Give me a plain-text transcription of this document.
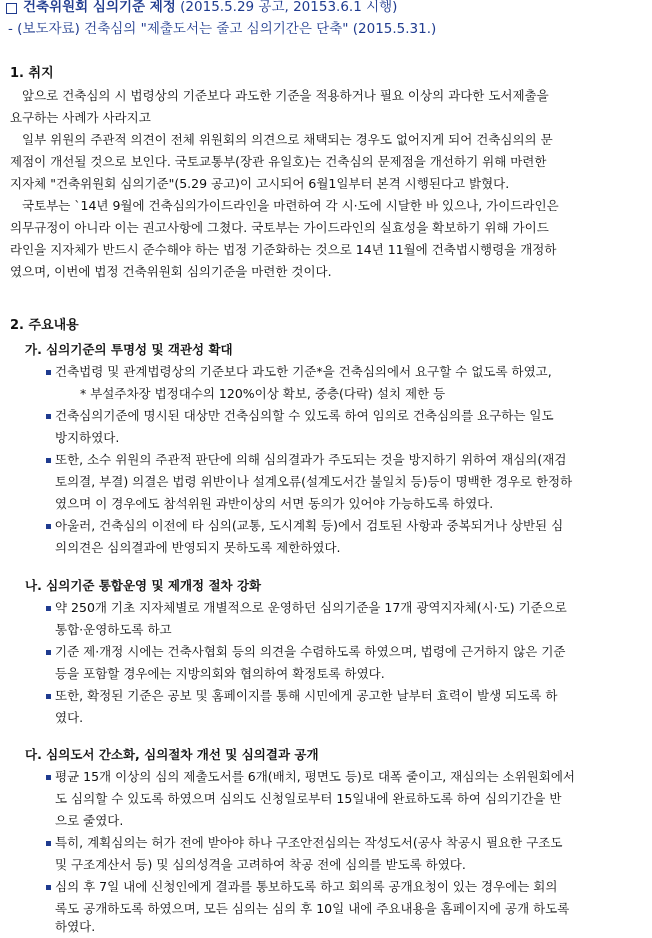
건축위원회 심의기준 제정 (2015.5.29 공고, 20153.6.1 시행)
- (보도자료) 건축심의 "제출도서는 줄고 심의기간은 단축" (2015.5.31.)
1. 취지
앞으로 건축심의 시 법령상의 기준보다 과도한 기준을 적용하거나 필요 이상의 과다한 도서제출을
요구하는 사례가 사라지고
일부 위원의 주관적 의견이 전체 위원회의 의견으로 채택되는 경우도 없어지게 되어 건축심의의 문
제점이 개선될 것으로 보인다. 국토교통부(장관 유일호)는 건축심의 문제점을 개선하기 위해 마련한
지자체 "건축위원회 심의기준"(5.29 공고)이 고시되어 6월1일부터 본격 시행된다고 밝혔다.
국토부는 `14년 9월에 건축심의가이드라인을 마련하여 각 시·도에 시달한 바 있으나, 가이드라인은
의무규정이 아니라 이는 권고사항에 그쳤다. 국토부는 가이드라인의 실효성을 확보하기 위해 가이드
라인을 지자체가 반드시 준수해야 하는 법정 기준화하는 것으로 14년 11월에 건축법시행령을 개정하
였으며, 이번에 법정 건축위원회 심의기준을 마련한 것이다.
2. 주요내용
가. 심의기준의 투명성 및 객관성 확대
건축법령 및 관계법령상의 기준보다 과도한 기준*을 건축심의에서 요구할 수 없도록 하였고,
* 부설주차장 법정대수의 120%이상 확보, 중층(다락) 설치 제한 등
건축심의기준에 명시된 대상만 건축심의할 수 있도록 하여 임의로 건축심의를 요구하는 일도
방지하였다.
또한, 소수 위원의 주관적 판단에 의해 심의결과가 주도되는 것을 방지하기 위하여 재심의(재검
토의결, 부결) 의결은 법령 위반이나 설계오류(설계도서간 불일치 등)등이 명백한 경우로 한정하
였으며 이 경우에도 참석위원 과반이상의 서면 동의가 있어야 가능하도록 하였다.
아울러, 건축심의 이전에 타 심의(교통, 도시계획 등)에서 검토된 사항과 중복되거나 상반된 심
의의견은 심의결과에 반영되지 못하도록 제한하였다.
나. 심의기준 통합운영 및 제개정 절차 강화
약 250개 기초 지자체별로 개별적으로 운영하던 심의기준을 17개 광역지자체(시·도) 기준으로
통합·운영하도록 하고
기준 제·개정 시에는 건축사협회 등의 의견을 수렴하도록 하였으며, 법령에 근거하지 않은 기준
등을 포함할 경우에는 지방의회와 협의하여 확정토록 하였다.
또한, 확정된 기준은 공보 및 홈페이지를 통해 시민에게 공고한 날부터 효력이 발생 되도록 하
였다.
다. 심의도서 간소화, 심의절차 개선 및 심의결과 공개
평균 15개 이상의 심의 제출도서를 6개(배치, 평면도 등)로 대폭 줄이고, 재심의는 소위원회에서
도 심의할 수 있도록 하였으며 심의도 신청일로부터 15일내에 완료하도록 하여 심의기간을 반
으로 줄였다.
특히, 계획심의는 허가 전에 받아야 하나 구조안전심의는 작성도서(공사 착공시 필요한 구조도
및 구조계산서 등) 및 심의성격을 고려하여 착공 전에 심의를 받도록 하였다.
심의 후 7일 내에 신청인에게 결과를 통보하도록 하고 회의록 공개요청이 있는 경우에는 회의
록도 공개하도록 하였으며, 모든 심의는 심의 후 10일 내에 주요내용을 홈페이지에 공개 하도록
하였다.
